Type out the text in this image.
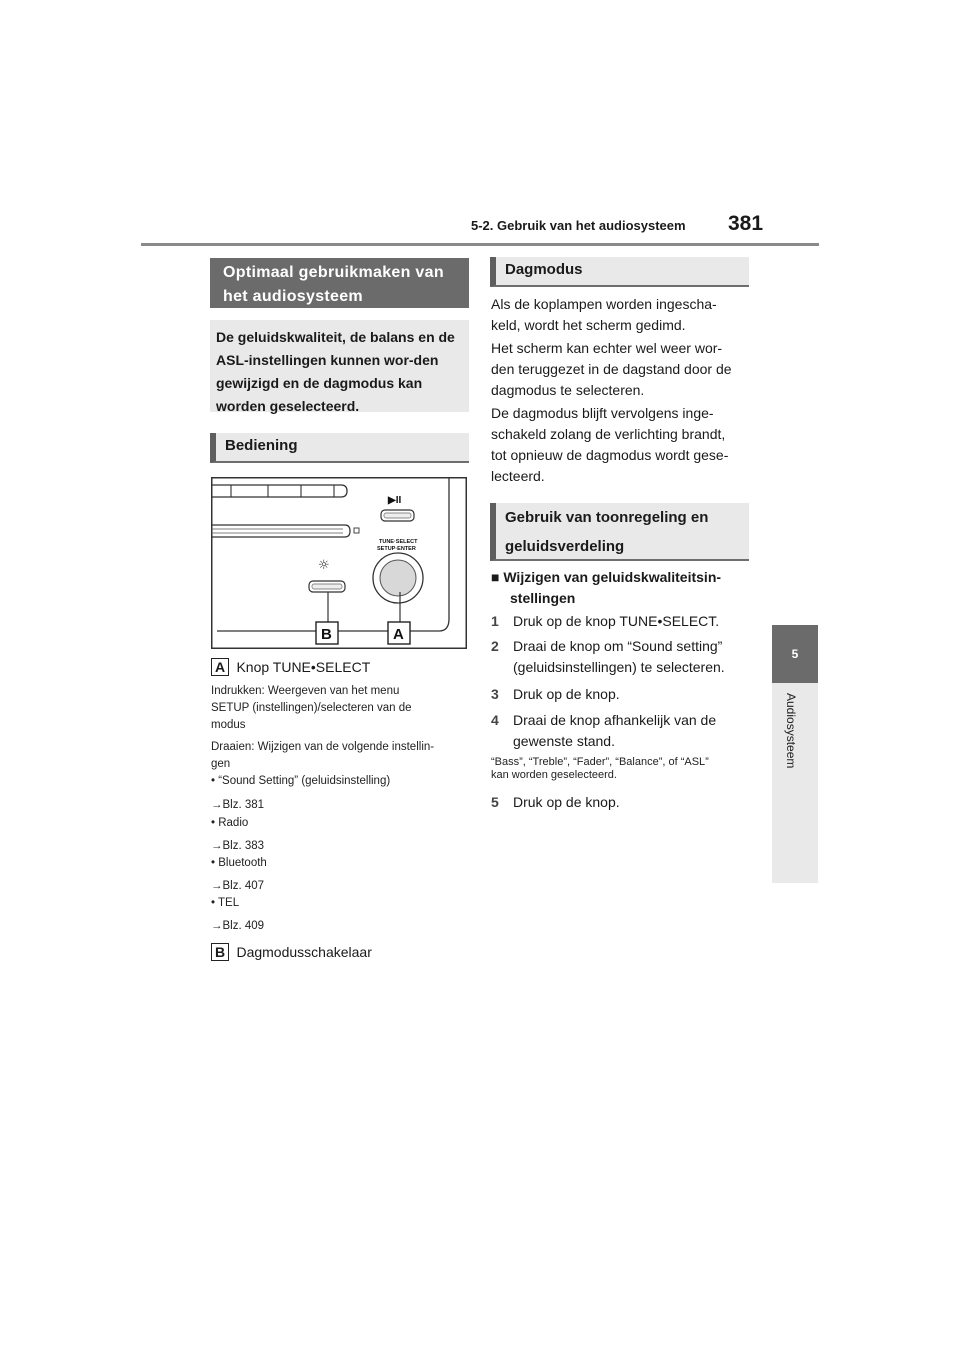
5-2. Gebruik van het audiosysteem 381
5
Audiosysteem
Optimaal gebruikmaken van het audiosysteem
De geluidskwaliteit, de balans en de ASL-instellingen kunnen wor-den gewijzigd en de dagmodus kan worden geselecteerd.
Bediening
▶II
TUNE·SELECT
SETUP·ENTER
☼
B	A
A Knop TUNE•SELECT
Indrukken: Weergeven van het menu
SETUP (instellingen)/selecteren van de
modus
Draaien: Wijzigen van de volgende instellin-
gen
• “Sound Setting” (geluidsinstelling)
→Blz. 381
• Radio
→Blz. 383
• Bluetooth
→Blz. 407
• TEL
→Blz. 409
B Dagmodusschakelaar
Dagmodus
Als de koplampen worden ingescha-
keld, wordt het scherm gedimd.
Het scherm kan echter wel weer wor-
den teruggezet in de dagstand door de
dagmodus te selecteren.
De dagmodus blijft vervolgens inge-
schakeld zolang de verlichting brandt,
tot opnieuw de dagmodus wordt gese-
lecteerd.
Gebruik van toonregeling en
geluidsverdeling
■ Wijzigen van geluidskwaliteitsin-
stellingen
1 Druk op de knop TUNE•SELECT.
2 Draai de knop om “Sound setting”
(geluidsinstellingen) te selecteren.
3 Druk op de knop.
4 Draai de knop afhankelijk van de
gewenste stand.
“Bass”, “Treble”, “Fader”, “Balance”, of “ASL”
kan worden geselecteerd.
5 Druk op de knop.
